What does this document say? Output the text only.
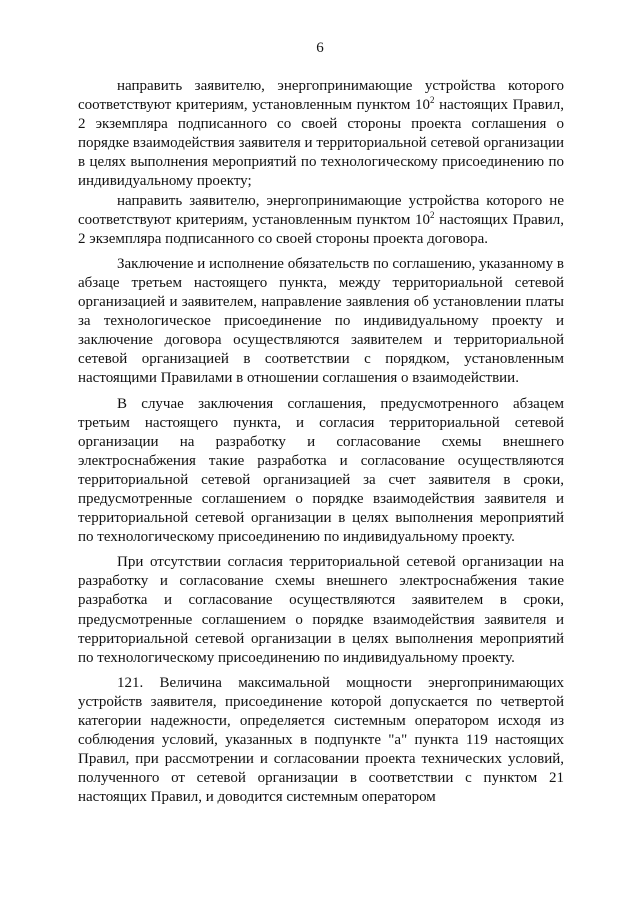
6

направить заявителю, энергопринимающие устройства которого соответствуют критериям, установленным пунктом $10^2$ настоящих Правил, 2 экземпляра подписанного со своей стороны проекта соглашения о порядке взаимодействия заявителя и территориальной сетевой организации в целях выполнения мероприятий по технологическому присоединению по индивидуальному проекту;

направить заявителю, энергопринимающие устройства которого не соответствуют критериям, установленным пунктом $10^2$ настоящих Правил, 2 экземпляра подписанного со своей стороны проекта договора.

Заключение и исполнение обязательств по соглашению, указанному в абзаце третьем настоящего пункта, между территориальной сетевой организацией и заявителем, направление заявления об установлении платы за технологическое присоединение по индивидуальному проекту и заключение договора осуществляются заявителем и территориальной сетевой организацией в соответствии с порядком, установленным настоящими Правилами в отношении соглашения о взаимодействии.

В случае заключения соглашения, предусмотренного абзацем третьим настоящего пункта, и согласия территориальной сетевой организации на разработку и согласование схемы внешнего электроснабжения такие разработка и согласование осуществляются территориальной сетевой организацией за счет заявителя в сроки, предусмотренные соглашением о порядке взаимодействия заявителя и территориальной сетевой организации в целях выполнения мероприятий по технологическому присоединению по индивидуальному проекту.

При отсутствии согласия территориальной сетевой организации на разработку и согласование схемы внешнего электроснабжения такие разработка и согласование осуществляются заявителем в сроки, предусмотренные соглашением о порядке взаимодействия заявителя и территориальной сетевой организации в целях выполнения мероприятий по технологическому присоединению по индивидуальному проекту.

121. Величина максимальной мощности энергопринимающих устройств заявителя, присоединение которой допускается по четвертой категории надежности, определяется системным оператором исходя из соблюдения условий, указанных в подпункте "а" пункта 119 настоящих Правил, при рассмотрении и согласовании проекта технических условий, полученного от сетевой организации в соответствии с пунктом 21 настоящих Правил, и доводится системным оператором
